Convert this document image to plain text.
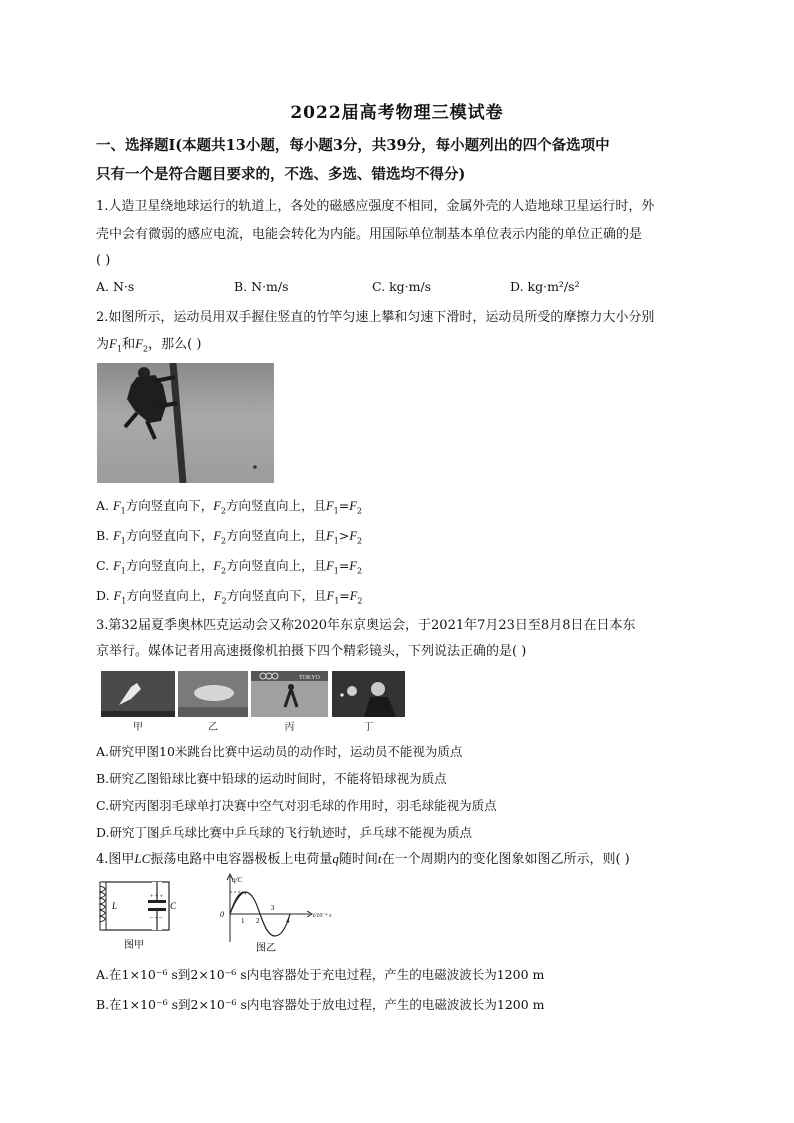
2022届高考物理三模试卷
一、选择题Ⅰ(本题共13小题，每小题3分，共39分，每小题列出的四个备选项中
只有一个是符合题目要求的，不选、多选、错选均不得分)
1.人造卫星绕地球运行的轨道上，各处的磁感应强度不相同，金属外壳的人造地球卫星运行时，外
壳中会有微弱的感应电流，电能会转化为内能。用国际单位制基本单位表示内能的单位正确的是
( )
A. N·s	B. N·m/s	C. kg·m/s	D. kg·m²/s²
2.如图所示，运动员用双手握住竖直的竹竿匀速上攀和匀速下滑时，运动员所受的摩擦力大小分别
为$F_1$和$F_2$，那么( )
A. $F_1$方向竖直向下，$F_2$方向竖直向上，且$F_1=F_2$
B. $F_1$方向竖直向下，$F_2$方向竖直向上，且$F_1>F_2$
C. $F_1$方向竖直向上，$F_2$方向竖直向上，且$F_1=F_2$
D. $F_1$方向竖直向上，$F_2$方向竖直向下，且$F_1=F_2$
3.第32届夏季奥林匹克运动会又称2020年东京奥运会，于2021年7月23日至8月8日在日本东
京举行。媒体记者用高速摄像机拍摄下四个精彩镜头，下列说法正确的是( )
TOKYO
甲	乙	丙	丁
A.研究甲图10米跳台比赛中运动员的动作时，运动员不能视为质点
B.研究乙图铅球比赛中铅球的运动时间时，不能将铅球视为质点
C.研究丙图羽毛球单打决赛中空气对羽毛球的作用时，羽毛球能视为质点
D.研究丁图乒乓球比赛中乒乓球的飞行轨迹时，乒乓球不能视为质点
4.图甲LC振荡电路中电容器极板上电荷量q随时间t在一个周期内的变化图象如图乙所示，则( )
L
+ + +
– – –
C
图甲
q/C
0	t/10⁻⁶ s
1 2
3
4
图乙
A.在1×10⁻⁶ s到2×10⁻⁶ s内电容器处于充电过程，产生的电磁波波长为1200 m
B.在1×10⁻⁶ s到2×10⁻⁶ s内电容器处于放电过程，产生的电磁波波长为1200 m
